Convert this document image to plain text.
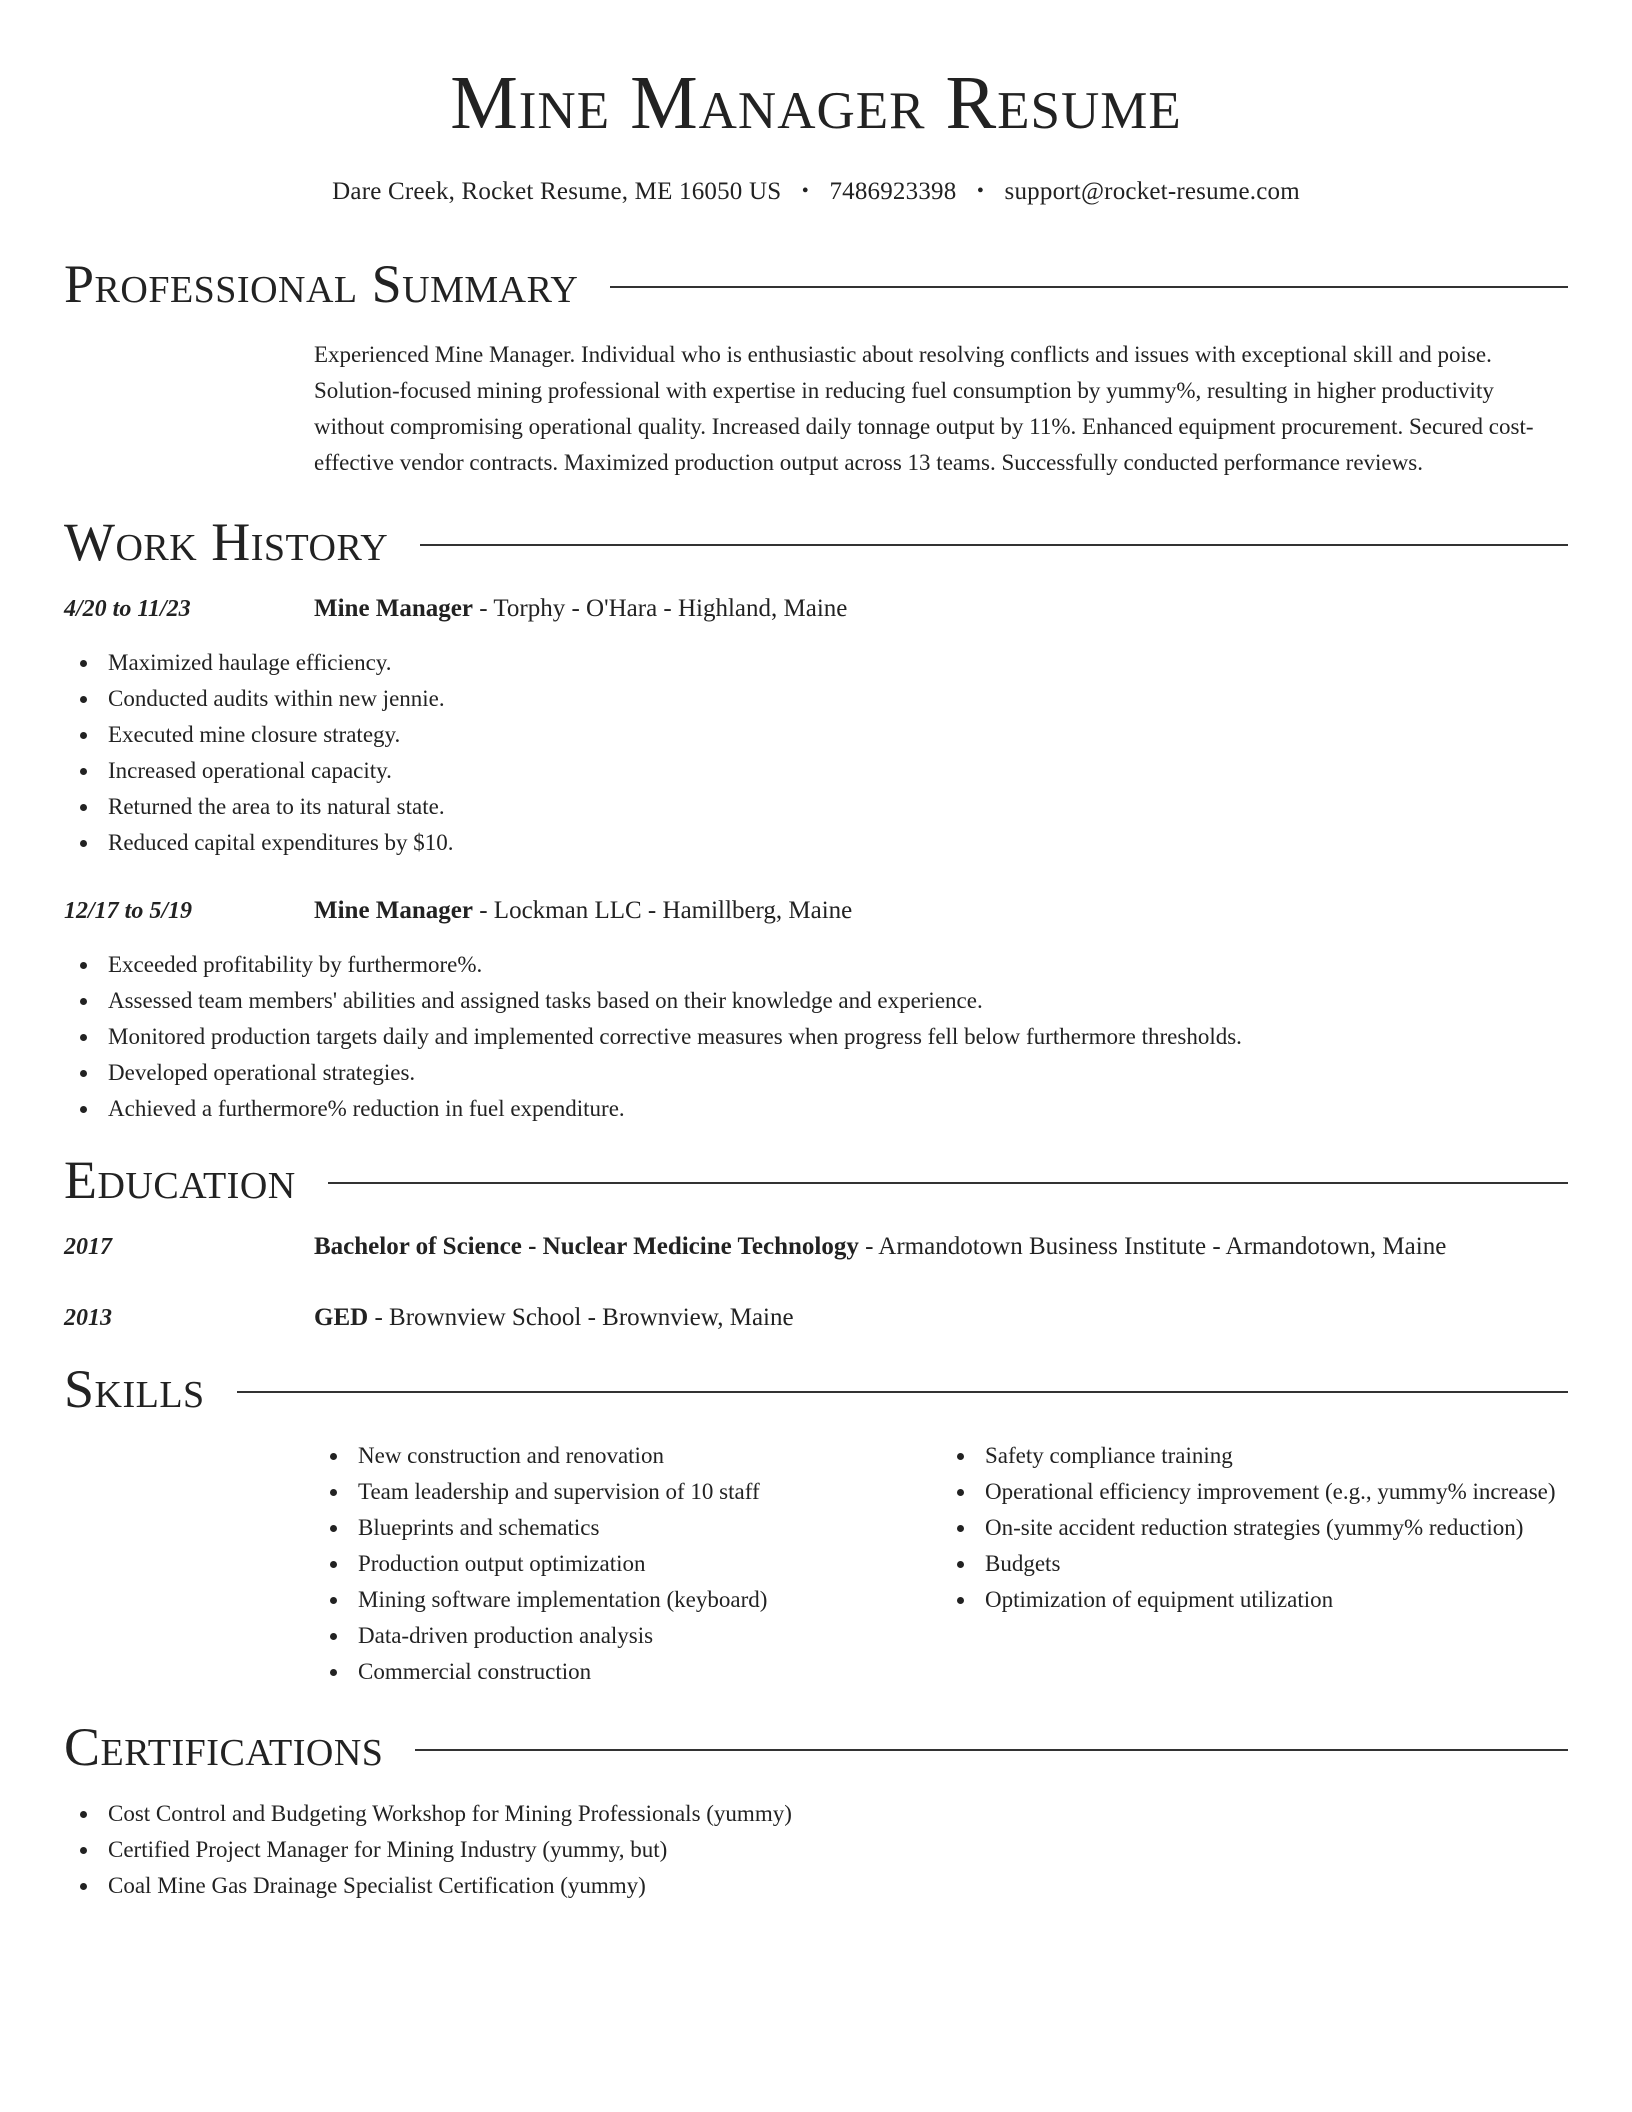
Mine Manager Resume
Dare Creek, Rocket Resume, ME 16050 US • 7486923398 • support@rocket-resume.com
Professional Summary
Experienced Mine Manager. Individual who is enthusiastic about resolving conflicts and issues with exceptional skill and poise. Solution-focused mining professional with expertise in reducing fuel consumption by yummy%, resulting in higher productivity without compromising operational quality. Increased daily tonnage output by 11%. Enhanced equipment procurement. Secured cost-effective vendor contracts. Maximized production output across 13 teams. Successfully conducted performance reviews.
Work History
4/20 to 11/23	Mine Manager - Torphy - O'Hara - Highland, Maine
Maximized haulage efficiency.
Conducted audits within new jennie.
Executed mine closure strategy.
Increased operational capacity.
Returned the area to its natural state.
Reduced capital expenditures by $10.
12/17 to 5/19	Mine Manager - Lockman LLC - Hamillberg, Maine
Exceeded profitability by furthermore%.
Assessed team members' abilities and assigned tasks based on their knowledge and experience.
Monitored production targets daily and implemented corrective measures when progress fell below furthermore thresholds.
Developed operational strategies.
Achieved a furthermore% reduction in fuel expenditure.
Education
2017	Bachelor of Science - Nuclear Medicine Technology - Armandotown Business Institute - Armandotown, Maine
2013	GED - Brownview School - Brownview, Maine
Skills
New construction and renovation
Team leadership and supervision of 10 staff
Blueprints and schematics
Production output optimization
Mining software implementation (keyboard)
Data-driven production analysis
Commercial construction
Safety compliance training
Operational efficiency improvement (e.g., yummy% increase)
On-site accident reduction strategies (yummy% reduction)
Budgets
Optimization of equipment utilization
Certifications
Cost Control and Budgeting Workshop for Mining Professionals (yummy)
Certified Project Manager for Mining Industry (yummy, but)
Coal Mine Gas Drainage Specialist Certification (yummy)
